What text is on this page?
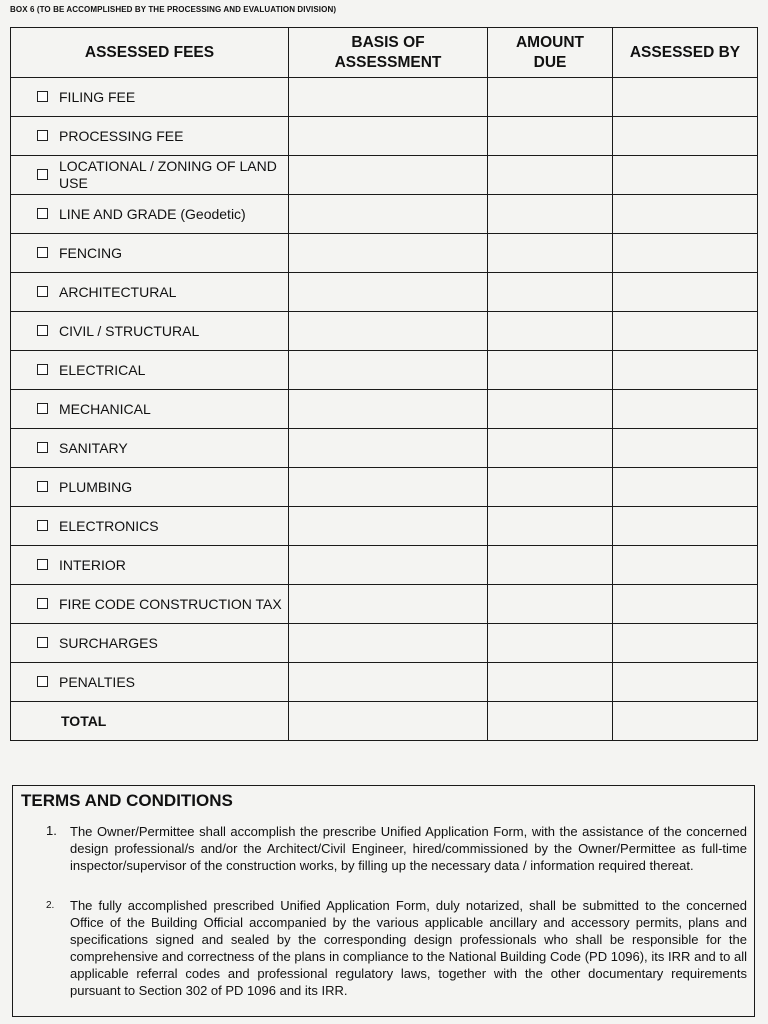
BOX 6 (TO BE ACCOMPLISHED BY THE PROCESSING AND EVALUATION DIVISION)
ASSESSED FEES	BASIS OF ASSESSMENT	AMOUNT DUE	ASSESSED BY

FILING FEE			

PROCESSING FEE			

LOCATIONAL / ZONING OF LAND USE			

LINE AND GRADE (Geodetic)			

FENCING			

ARCHITECTURAL			

CIVIL / STRUCTURAL			

ELECTRICAL			

MECHANICAL			

SANITARY			

PLUMBING			

ELECTRONICS			

INTERIOR			

FIRE CODE CONSTRUCTION TAX			

SURCHARGES			

PENALTIES			

TOTAL			
TERMS AND CONDITIONS
1. The Owner/Permittee shall accomplish the prescribe Unified Application Form, with the assistance of the concerned design professional/s and/or the Architect/Civil Engineer, hired/commissioned by the Owner/Permittee as full-time inspector/supervisor of the construction works, by filling up the necessary data / information required thereat.
2. The fully accomplished prescribed Unified Application Form, duly notarized, shall be submitted to the concerned Office of the Building Official accompanied by the various applicable ancillary and accessory permits, plans and specifications signed and sealed by the corresponding design professionals who shall be responsible for the comprehensive and correctness of the plans in compliance to the National Building Code (PD 1096), its IRR and to all applicable referral codes and professional regulatory laws, together with the other documentary requirements pursuant to Section 302 of PD 1096 and its IRR.
